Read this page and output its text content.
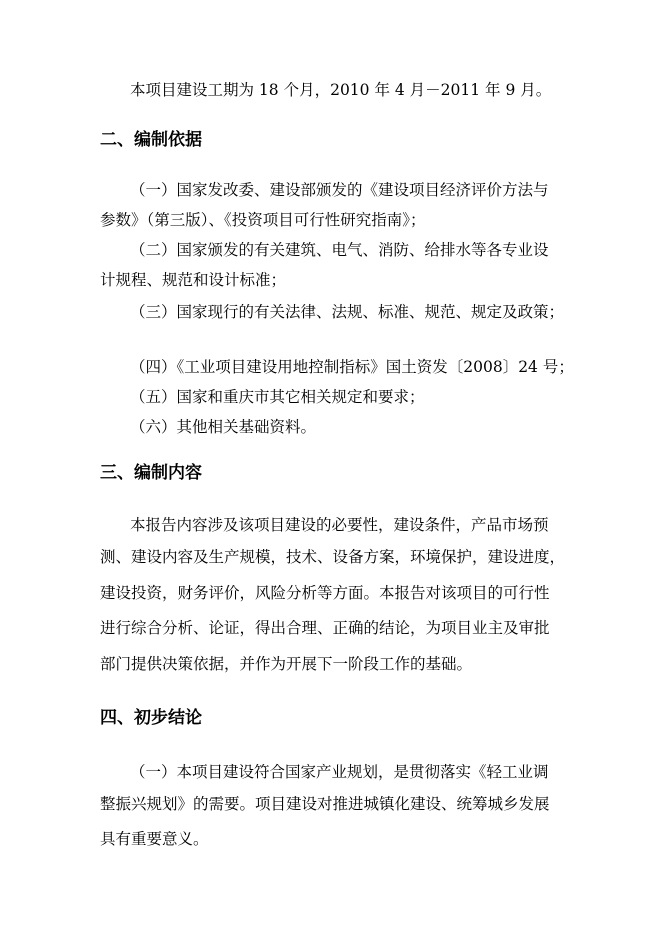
本项目建设工期为 18 个月，2010 年 4 月－2011 年 9 月。
二、编制依据
（一）国家发改委、建设部颁发的《建设项目经济评价方法与
参数》（第三版）、《投资项目可行性研究指南》；
（二）国家颁发的有关建筑、电气、消防、给排水等各专业设
计规程、规范和设计标准；
（三）国家现行的有关法律、法规、标准、规范、规定及政策；
（四）《工业项目建设用地控制指标》国土资发〔2008〕24 号；
（五）国家和重庆市其它相关规定和要求；
（六）其他相关基础资料。
三、编制内容
本报告内容涉及该项目建设的必要性，建设条件，产品市场预
测、建设内容及生产规模，技术、设备方案，环境保护，建设进度，
建设投资，财务评价，风险分析等方面。本报告对该项目的可行性
进行综合分析、论证，得出合理、正确的结论，为项目业主及审批
部门提供决策依据，并作为开展下一阶段工作的基础。
四、初步结论
（一）本项目建设符合国家产业规划，是贯彻落实《轻工业调
整振兴规划》的需要。项目建设对推进城镇化建设、统筹城乡发展
具有重要意义。
